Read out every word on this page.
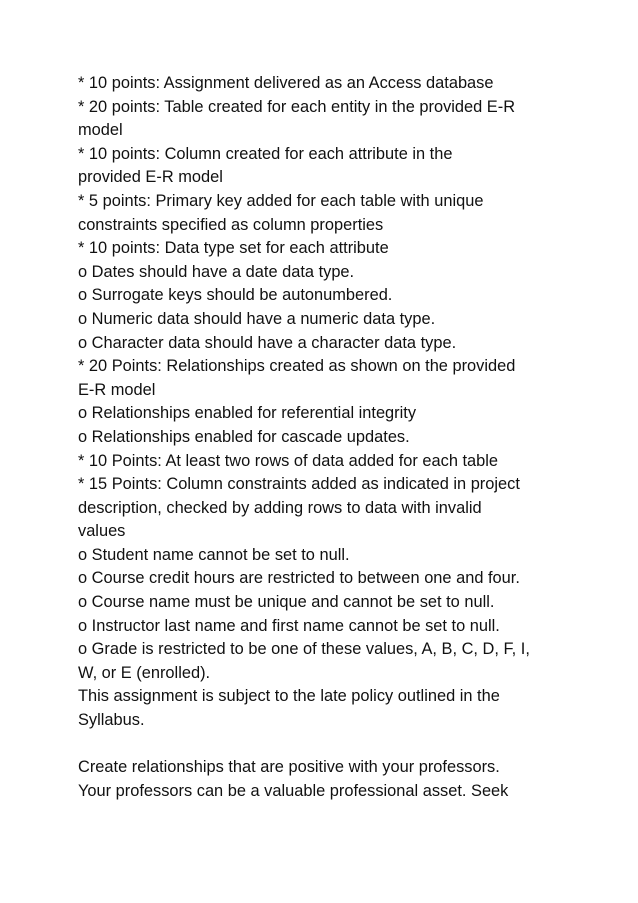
* 10 points: Assignment delivered as an Access database
* 20 points: Table created for each entity in the provided E-R
model
* 10 points: Column created for each attribute in the
provided E-R model
* 5 points: Primary key added for each table with unique
constraints specified as column properties
* 10 points: Data type set for each attribute
o Dates should have a date data type.
o Surrogate keys should be autonumbered.
o Numeric data should have a numeric data type.
o Character data should have a character data type.
* 20 Points: Relationships created as shown on the provided
E-R model
o Relationships enabled for referential integrity
o Relationships enabled for cascade updates.
* 10 Points: At least two rows of data added for each table
* 15 Points: Column constraints added as indicated in project
description, checked by adding rows to data with invalid
values
o Student name cannot be set to null.
o Course credit hours are restricted to between one and four.
o Course name must be unique and cannot be set to null.
o Instructor last name and first name cannot be set to null.
o Grade is restricted to be one of these values, A, B, C, D, F, I,
W, or E (enrolled).
This assignment is subject to the late policy outlined in the
Syllabus.
Create relationships that are positive with your professors.
Your professors can be a valuable professional asset. Seek
